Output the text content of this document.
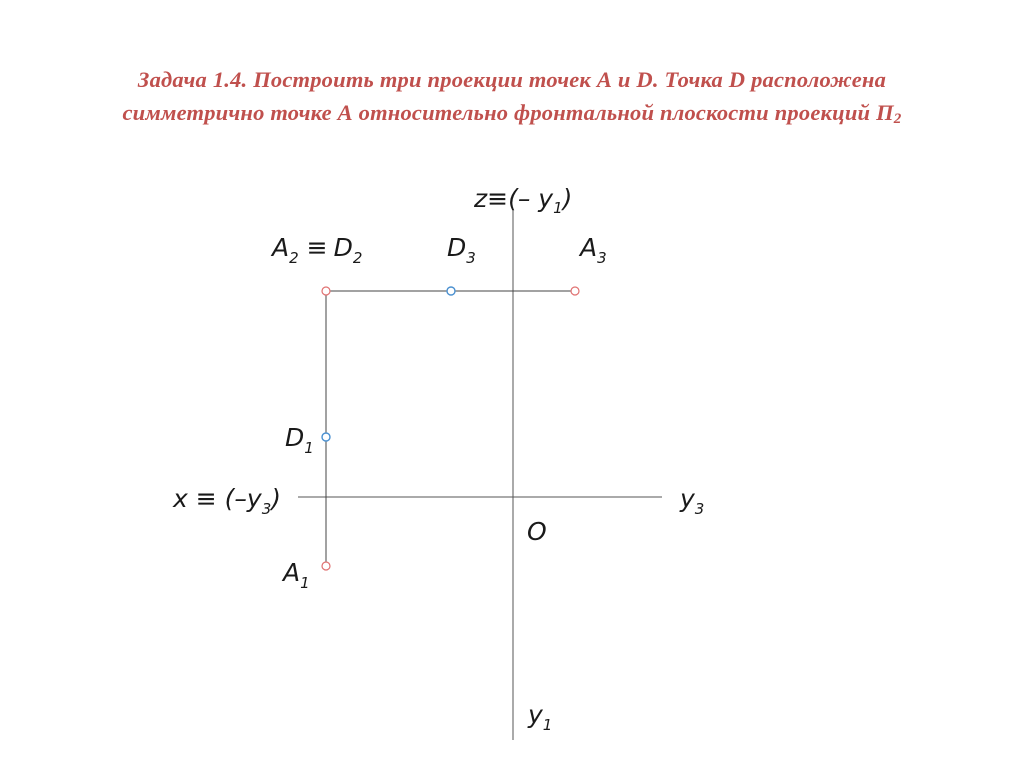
Задача 1.4. Построить три проекции точек А и D. Точка D расположена
симметрично точке А относительно фронтальной плоскости проекций $П_2$
z≡(– $y_1$)
$A_2 \equiv D_2$	$D_3$	$A_3$
$D_1$
$x \equiv (-y_3)$	$y_3$
O
$A_1$
$y_1$
